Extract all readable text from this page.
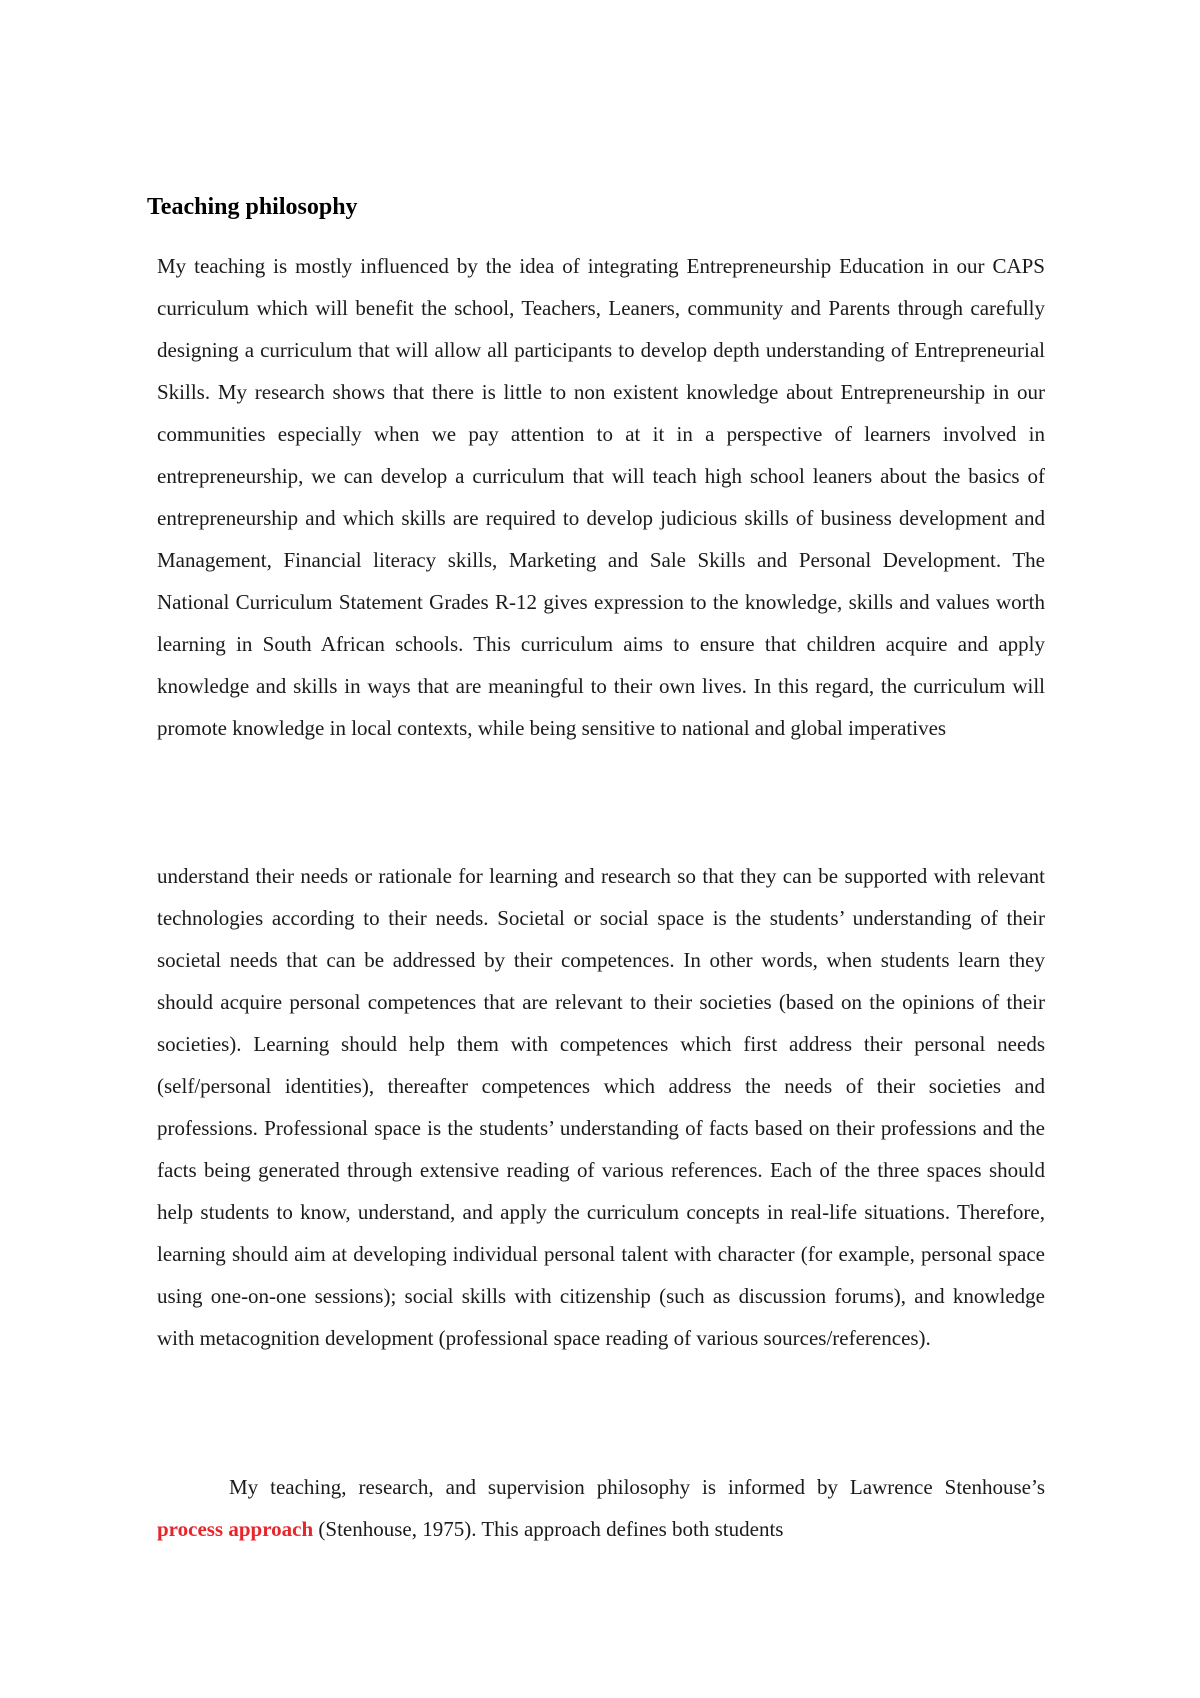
Teaching philosophy

My teaching is mostly influenced by the idea of integrating Entrepreneurship Education in our CAPS curriculum which will benefit the school, Teachers, Leaners, community and Parents through carefully designing a curriculum that will allow all participants to develop depth understanding of Entrepreneurial Skills. My research shows that there is little to non existent knowledge about Entrepreneurship in our communities especially when we pay attention to at it in a perspective of learners involved in entrepreneurship, we can develop a curriculum that will teach high school leaners about the basics of entrepreneurship and which skills are required to develop judicious skills of business development and Management, Financial literacy skills, Marketing and Sale Skills and Personal Development. The National Curriculum Statement Grades R-12 gives expression to the knowledge, skills and values worth learning in South African schools. This curriculum aims to ensure that children acquire and apply knowledge and skills in ways that are meaningful to their own lives. In this regard, the curriculum will promote knowledge in local contexts, while being sensitive to national and global imperatives

understand their needs or rationale for learning and research so that they can be supported with relevant technologies according to their needs. Societal or social space is the students’ understanding of their societal needs that can be addressed by their competences. In other words, when students learn they should acquire personal competences that are relevant to their societies (based on the opinions of their societies). Learning should help them with competences which first address their personal needs (self/personal identities), thereafter competences which address the needs of their societies and professions. Professional space is the students’ understanding of facts based on their professions and the facts being generated through extensive reading of various references. Each of the three spaces should help students to know, understand, and apply the curriculum concepts in real-life situations. Therefore, learning should aim at developing individual personal talent with character (for example, personal space using one-on-one sessions); social skills with citizenship (such as discussion forums), and knowledge with metacognition development (professional space reading of various sources/references).

My teaching, research, and supervision philosophy is informed by Lawrence Stenhouse’s process approach (Stenhouse, 1975). This approach defines both students
